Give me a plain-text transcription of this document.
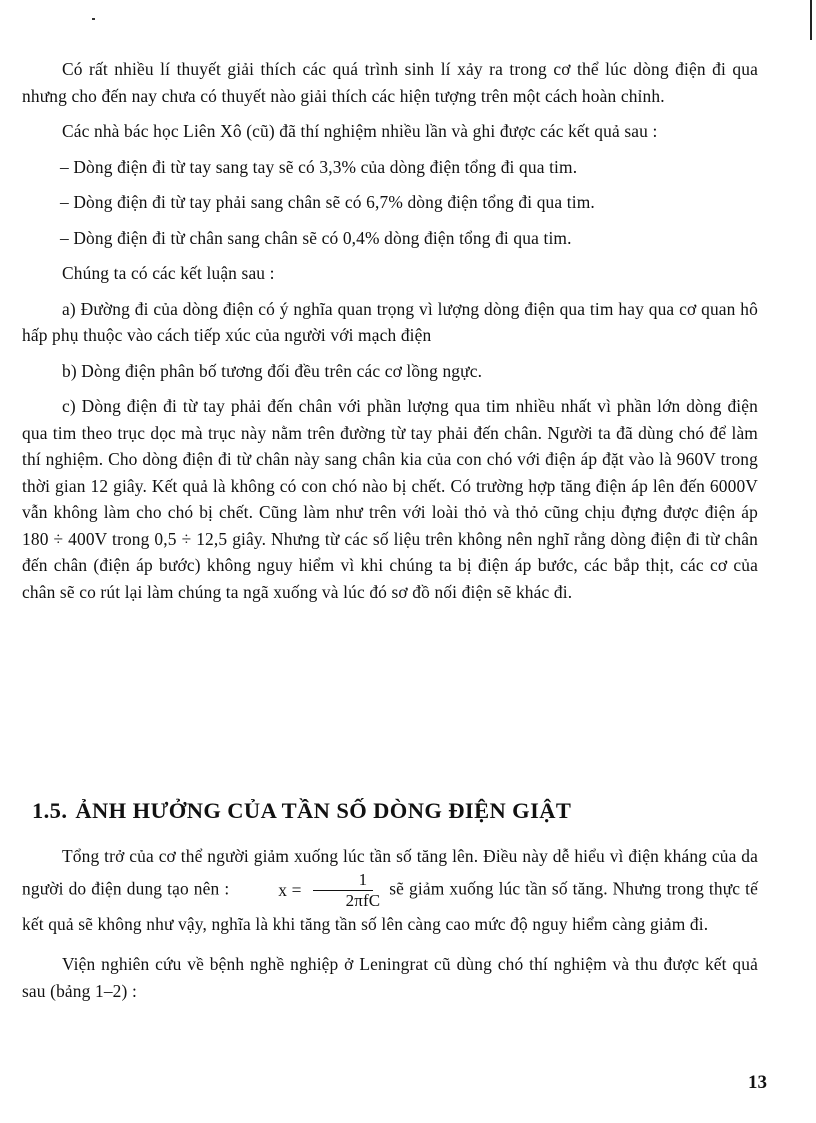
Có rất nhiều lí thuyết giải thích các quá trình sinh lí xảy ra trong cơ thể lúc dòng điện đi qua nhưng cho đến nay chưa có thuyết nào giải thích các hiện tượng trên một cách hoàn chỉnh.

Các nhà bác học Liên Xô (cũ) đã thí nghiệm nhiều lần và ghi được các kết quả sau :

– Dòng điện đi từ tay sang tay sẽ có 3,3% của dòng điện tổng đi qua tim.

– Dòng điện đi từ tay phải sang chân sẽ có 6,7% dòng điện tổng đi qua tim.

– Dòng điện đi từ chân sang chân sẽ có 0,4% dòng điện tổng đi qua tim.

Chúng ta có các kết luận sau :

a) Đường đi của dòng điện có ý nghĩa quan trọng vì lượng dòng điện qua tim hay qua cơ quan hô hấp phụ thuộc vào cách tiếp xúc của người với mạch điện

b) Dòng điện phân bố tương đối đều trên các cơ lồng ngực.

c) Dòng điện đi từ tay phải đến chân với phần lượng qua tim nhiều nhất vì phần lớn dòng điện qua tim theo trục dọc mà trục này nằm trên đường từ tay phải đến chân. Người ta đã dùng chó để làm thí nghiệm. Cho dòng điện đi từ chân này sang chân kia của con chó với điện áp đặt vào là 960V trong thời gian 12 giây. Kết quả là không có con chó nào bị chết. Có trường hợp tăng điện áp lên đến 6000V vẫn không làm cho chó bị chết. Cũng làm như trên với loài thỏ và thỏ cũng chịu đựng được điện áp 180 ÷ 400V trong 0,5 ÷ 12,5 giây. Nhưng từ các số liệu trên không nên nghĩ rằng dòng điện đi từ chân đến chân (điện áp bước) không nguy hiểm vì khi chúng ta bị điện áp bước, các bắp thịt, các cơ của chân sẽ co rút lại làm chúng ta ngã xuống và lúc đó sơ đồ nối điện sẽ khác đi.

1.5. ẢNH HƯỞNG CỦA TẦN SỐ DÒNG ĐIỆN GIẬT

Tổng trở của cơ thể người giảm xuống lúc tần số tăng lên. Điều này dễ hiểu vì điện kháng của da người do điện dung tạo nên :	$x = \frac{1}{\text{2πfC}}$ sẽ giảm xuống lúc tần số tăng. Nhưng trong thực tế kết quả sẽ không như vậy, nghĩa là khi tăng tần số lên càng cao mức độ nguy hiểm càng giảm đi.

Viện nghiên cứu về bệnh nghề nghiệp ở Leningrat cũ dùng chó thí nghiệm và thu được kết quả sau (bảng 1–2) :

13
